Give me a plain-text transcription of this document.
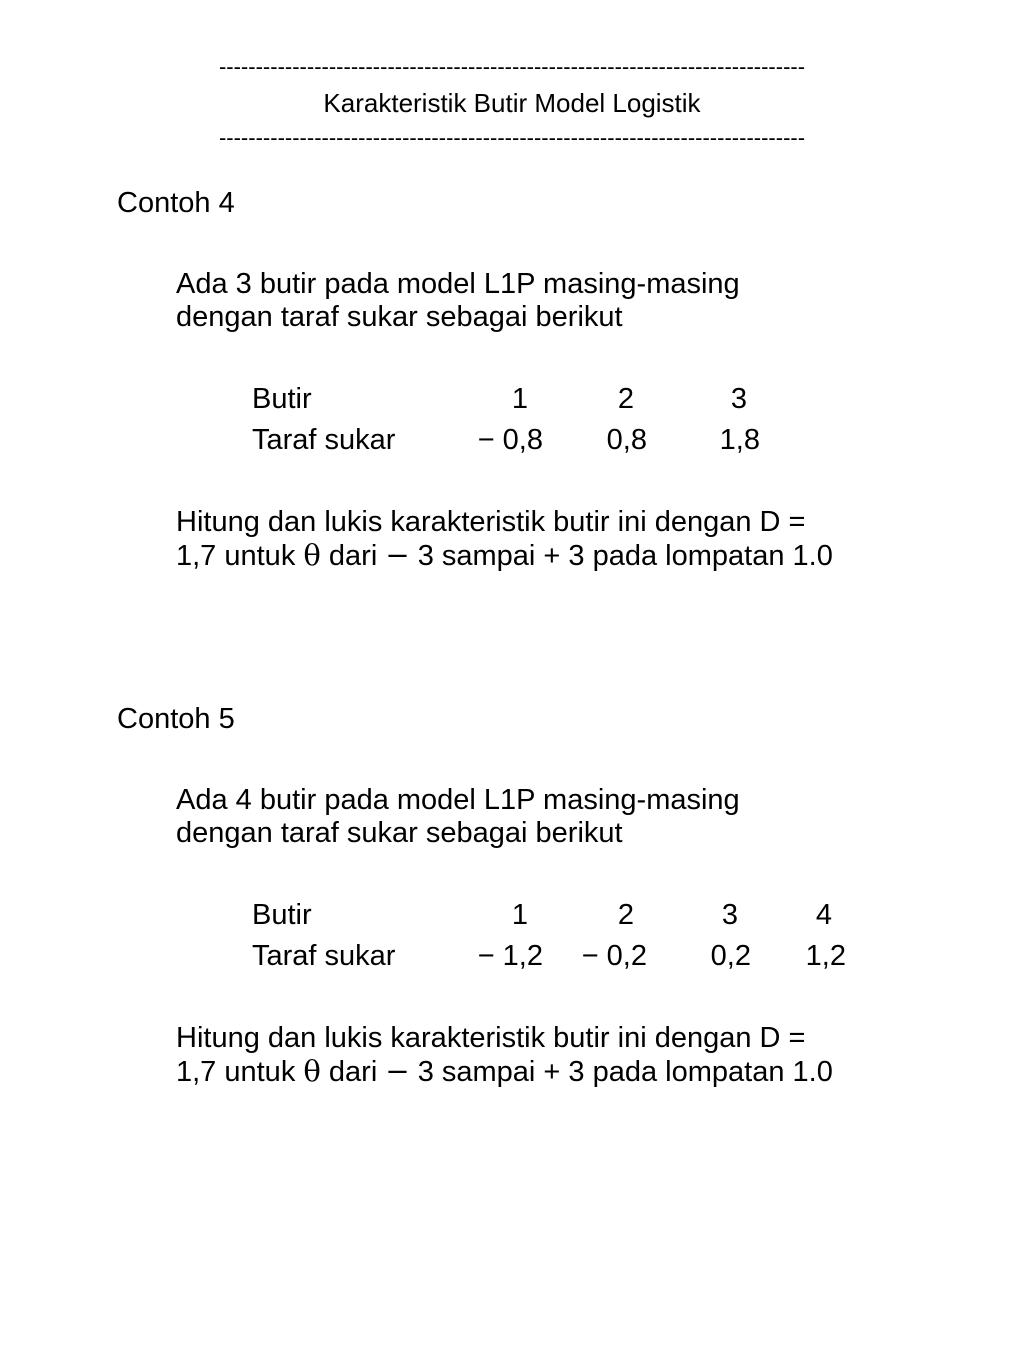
--------------------------------------------------------------------------------
Karakteristik Butir Model Logistik
--------------------------------------------------------------------------------
Contoh 4
Ada 3 butir pada model L1P masing-masing
dengan taraf sukar sebagai berikut
Butir	1	2	3
Taraf sukar	− 0,8	0,8	1,8
Hitung dan lukis karakteristik butir ini dengan D =
1,7 untuk θ dari − 3 sampai + 3 pada lompatan 1.0
Contoh 5
Ada 4 butir pada model L1P masing-masing
dengan taraf sukar sebagai berikut
Butir	1	2	3	4
Taraf sukar	− 1,2	− 0,2	0,2	1,2
Hitung dan lukis karakteristik butir ini dengan D =
1,7 untuk θ dari − 3 sampai + 3 pada lompatan 1.0
